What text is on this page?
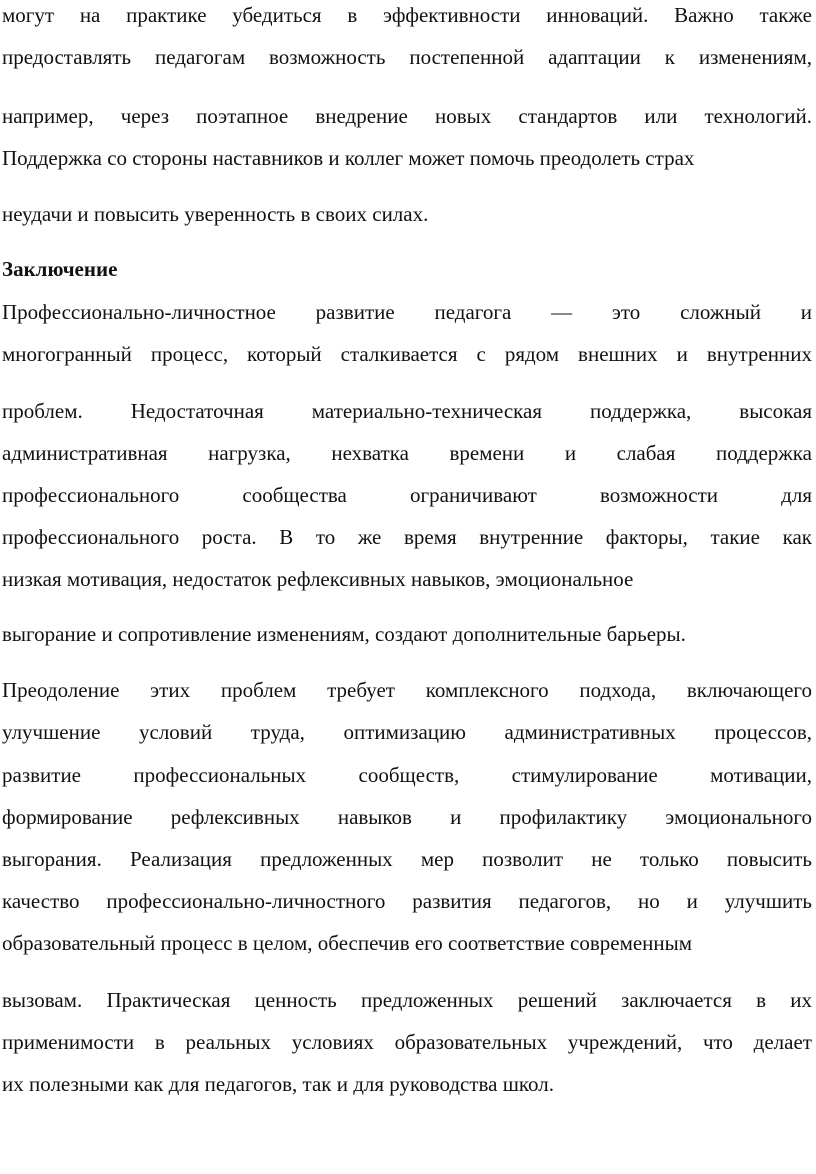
могут на практике убедиться в эффективности инноваций. Важно также
предоставлять педагогам возможность постепенной адаптации к изменениям,
например, через поэтапное внедрение новых стандартов или технологий.
Поддержка со стороны наставников и коллег может помочь преодолеть страх
неудачи и повысить уверенность в своих силах.
Заключение
Профессионально-личностное развитие педагога — это сложный и
многогранный процесс, который сталкивается с рядом внешних и внутренних
проблем. Недостаточная материально-техническая поддержка, высокая
административная нагрузка, нехватка времени и слабая поддержка
профессионального сообщества ограничивают возможности для
профессионального роста. В то же время внутренние факторы, такие как
низкая мотивация, недостаток рефлексивных навыков, эмоциональное
выгорание и сопротивление изменениям, создают дополнительные барьеры.
Преодоление этих проблем требует комплексного подхода, включающего
улучшение условий труда, оптимизацию административных процессов,
развитие профессиональных сообществ, стимулирование мотивации,
формирование рефлексивных навыков и профилактику эмоционального
выгорания. Реализация предложенных мер позволит не только повысить
качество профессионально-личностного развития педагогов, но и улучшить
образовательный процесс в целом, обеспечив его соответствие современным
вызовам. Практическая ценность предложенных решений заключается в их
применимости в реальных условиях образовательных учреждений, что делает
их полезными как для педагогов, так и для руководства школ.
